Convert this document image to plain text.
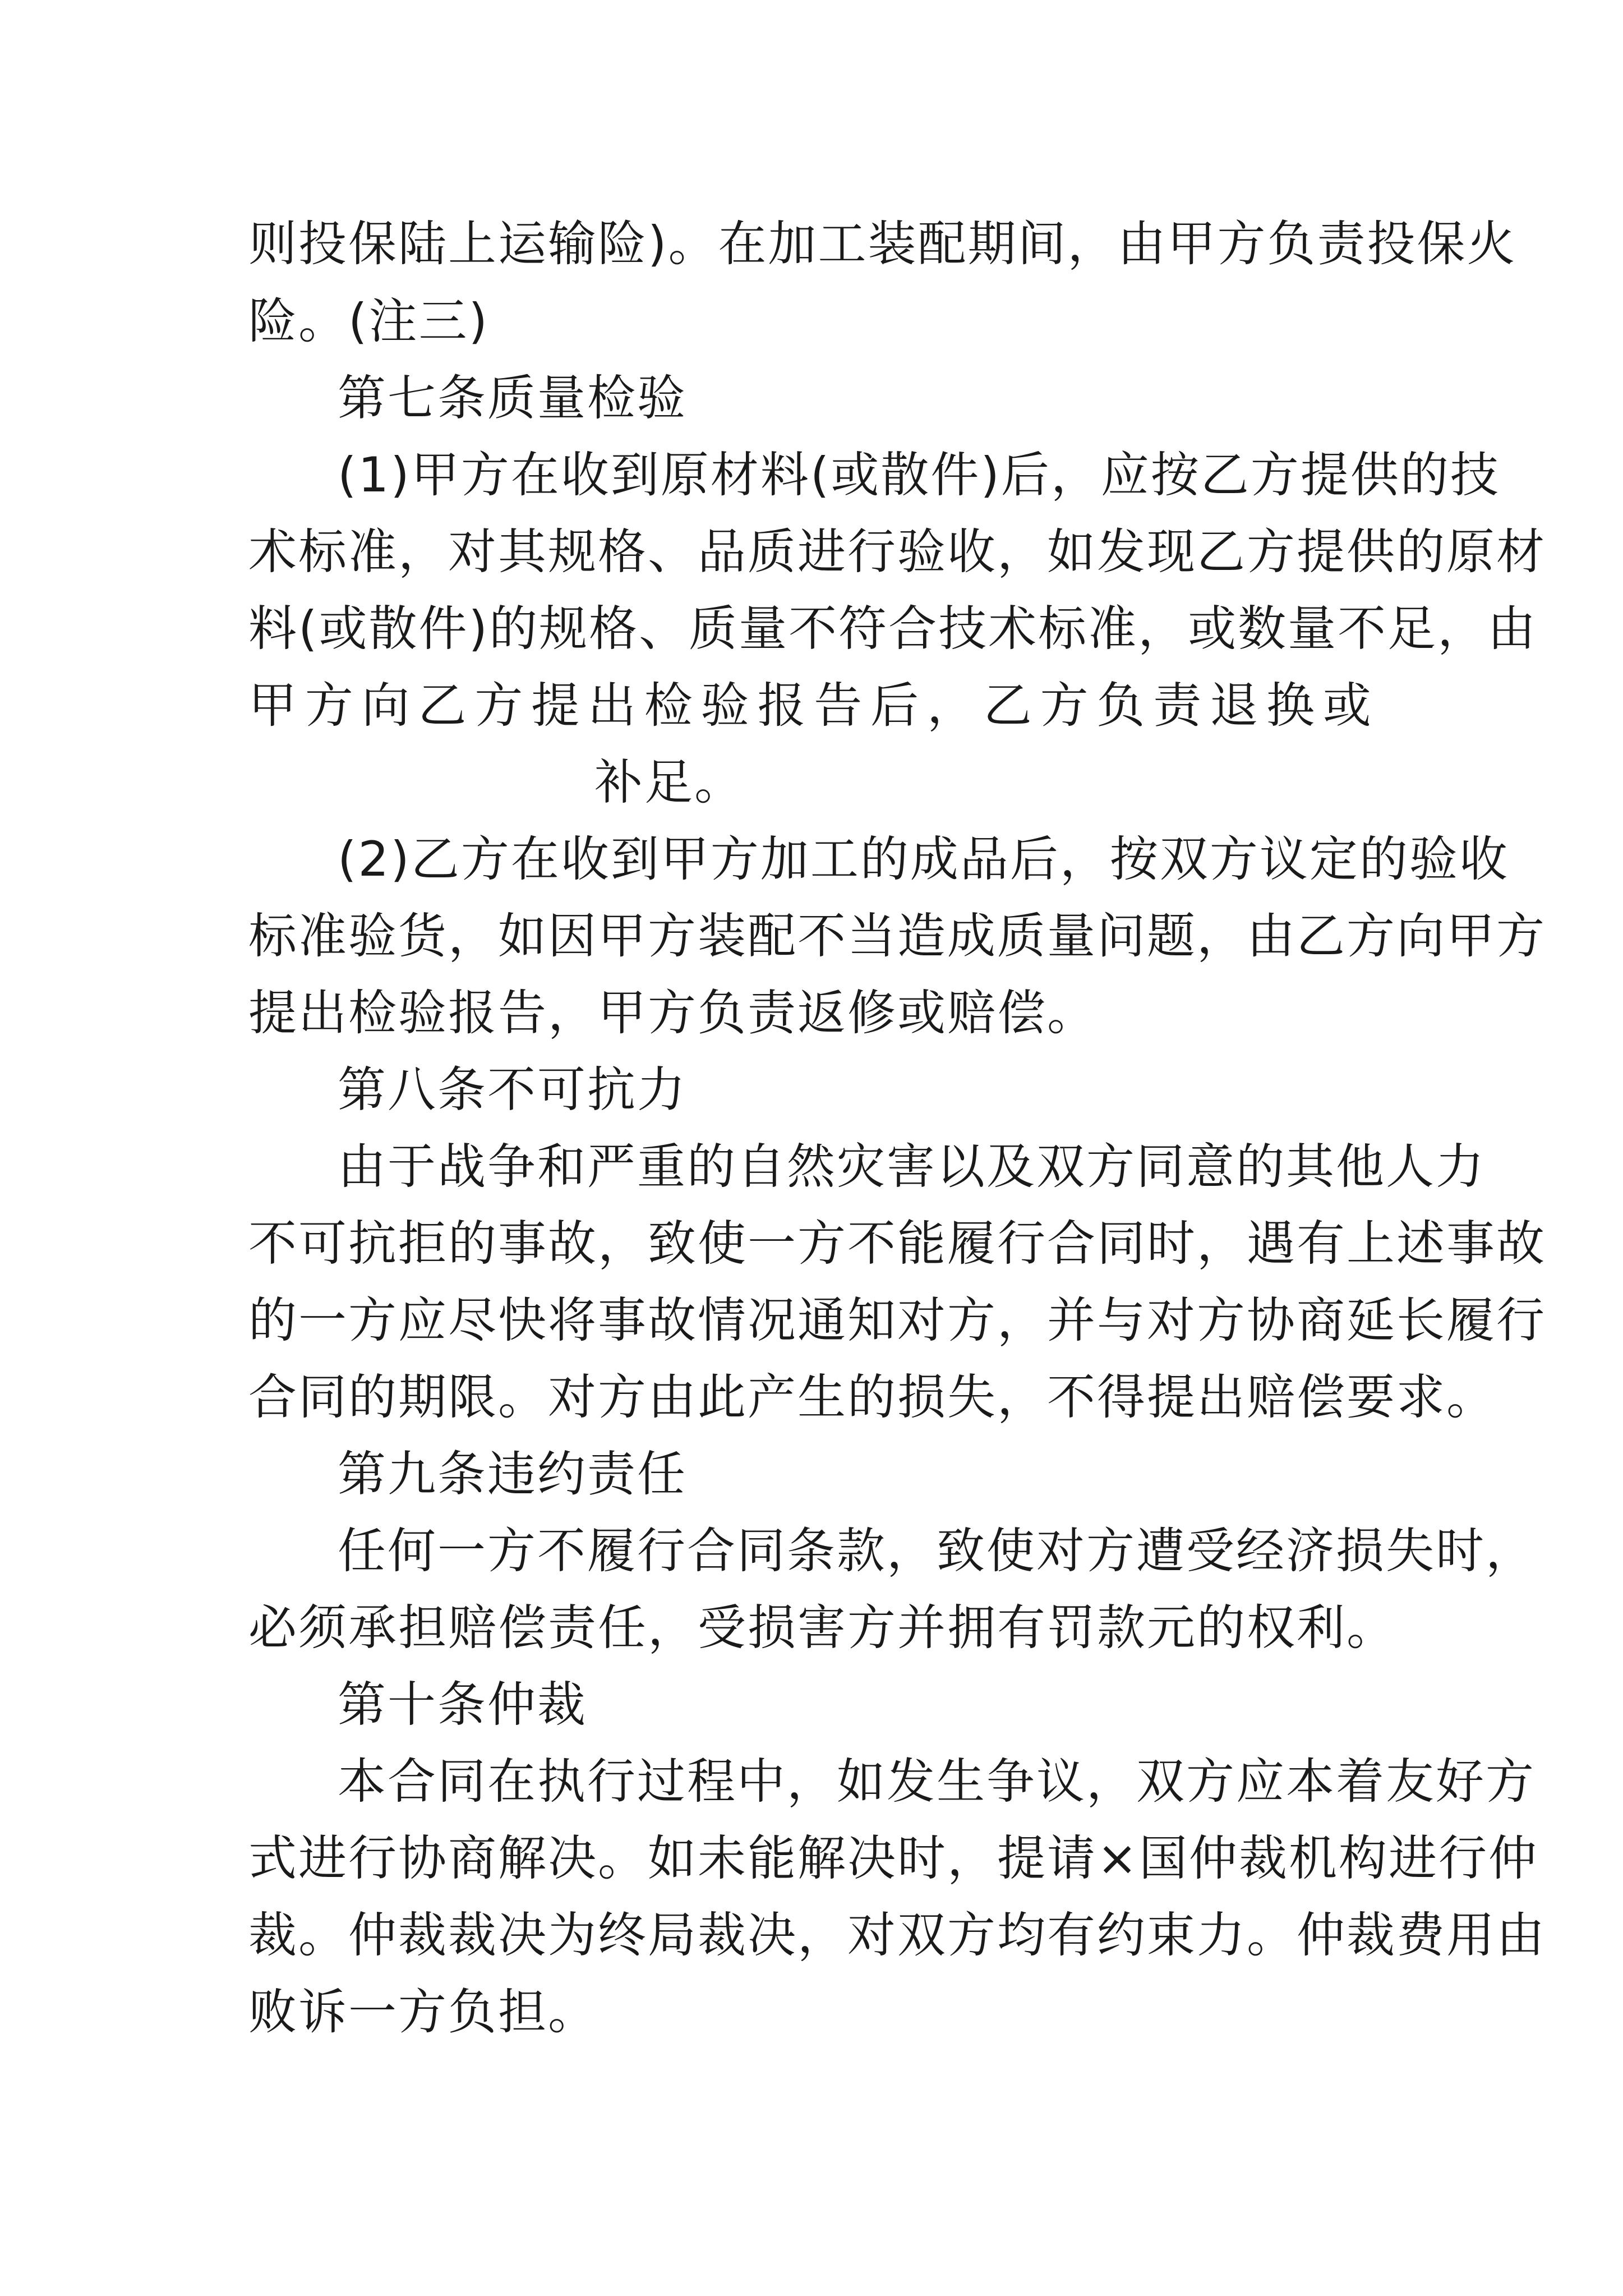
则投保陆上运输险)。在加工装配期间，由甲方负责投保火
险。(注三)
第七条质量检验
(1)甲方在收到原材料(或散件)后，应按乙方提供的技
术标准，对其规格、品质进行验收，如发现乙方提供的原材
料(或散件)的规格、质量不符合技术标准，或数量不足，由
甲 方 向 乙 方 提 出 检 验 报 告 后 ， 乙 方 负 责 退 换 或
补足。
(2)乙方在收到甲方加工的成品后，按双方议定的验收
标准验货，如因甲方装配不当造成质量问题，由乙方向甲方
提出检验报告，甲方负责返修或赔偿。
第八条不可抗力
由于战争和严重的自然灾害以及双方同意的其他人力
不可抗拒的事故，致使一方不能履行合同时，遇有上述事故
的一方应尽快将事故情况通知对方，并与对方协商延长履行
合同的期限。对方由此产生的损失，不得提出赔偿要求。
第九条违约责任
任何一方不履行合同条款，致使对方遭受经济损失时，
必须承担赔偿责任，受损害方并拥有罚款元的权利。
第十条仲裁
本合同在执行过程中，如发生争议，双方应本着友好方
式进行协商解决。如未能解决时，提请×国仲裁机构进行仲
裁。仲裁裁决为终局裁决，对双方均有约束力。仲裁费用由
败诉一方负担。
